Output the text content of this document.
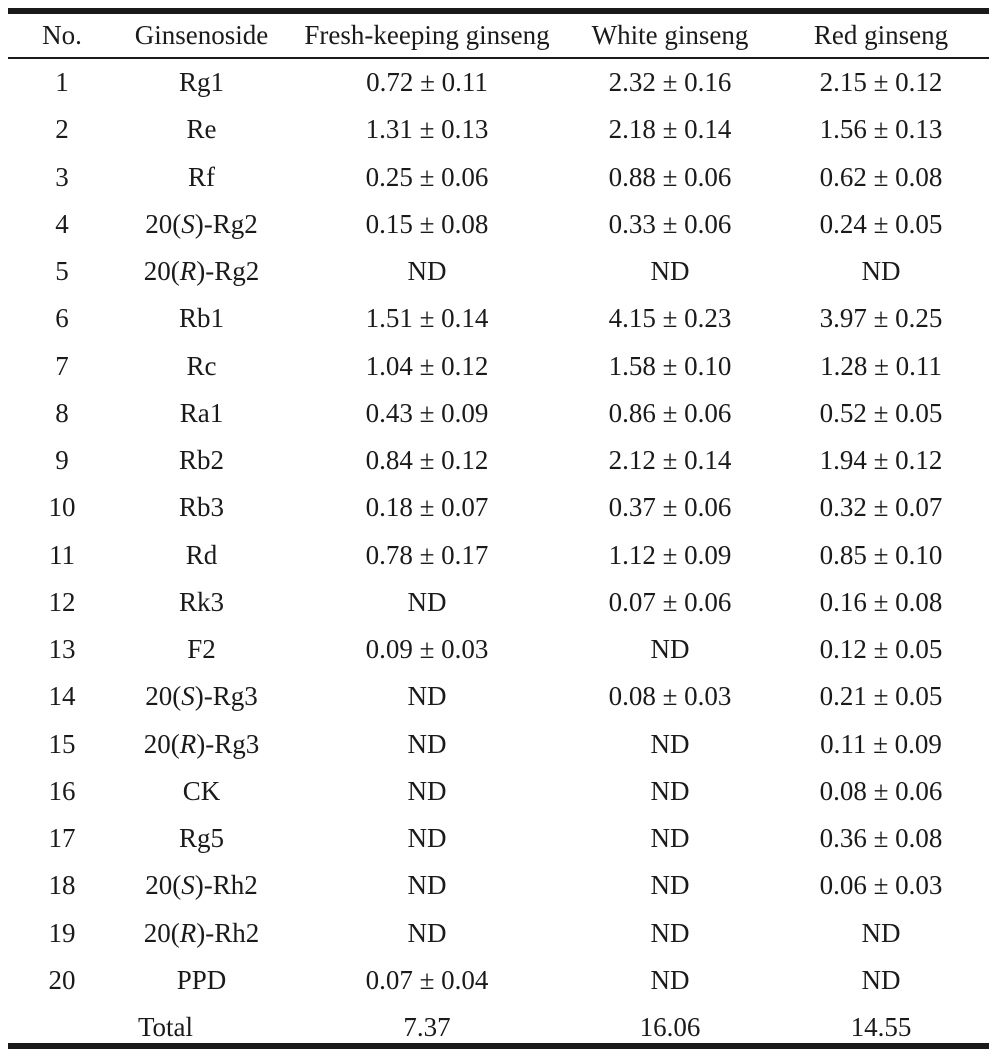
No.	Ginsenoside	Fresh-keeping ginseng	White ginseng	Red ginseng

1	Rg1	0.72 ± 0.11	2.32 ± 0.16	2.15 ± 0.12
2	Re	1.31 ± 0.13	2.18 ± 0.14	1.56 ± 0.13
3	Rf	0.25 ± 0.06	0.88 ± 0.06	0.62 ± 0.08
4	20(S)-Rg2	0.15 ± 0.08	0.33 ± 0.06	0.24 ± 0.05
5	20(R)-Rg2	ND	ND	ND
6	Rb1	1.51 ± 0.14	4.15 ± 0.23	3.97 ± 0.25
7	Rc	1.04 ± 0.12	1.58 ± 0.10	1.28 ± 0.11
8	Ra1	0.43 ± 0.09	0.86 ± 0.06	0.52 ± 0.05
9	Rb2	0.84 ± 0.12	2.12 ± 0.14	1.94 ± 0.12
10	Rb3	0.18 ± 0.07	0.37 ± 0.06	0.32 ± 0.07
11	Rd	0.78 ± 0.17	1.12 ± 0.09	0.85 ± 0.10
12	Rk3	ND	0.07 ± 0.06	0.16 ± 0.08
13	F2	0.09 ± 0.03	ND	0.12 ± 0.05
14	20(S)-Rg3	ND	0.08 ± 0.03	0.21 ± 0.05
15	20(R)-Rg3	ND	ND	0.11 ± 0.09
16	CK	ND	ND	0.08 ± 0.06
17	Rg5	ND	ND	0.36 ± 0.08
18	20(S)-Rh2	ND	ND	0.06 ± 0.03
19	20(R)-Rh2	ND	ND	ND
20	PPD	0.07 ± 0.04	ND	ND
Total		7.37	16.06	14.55
